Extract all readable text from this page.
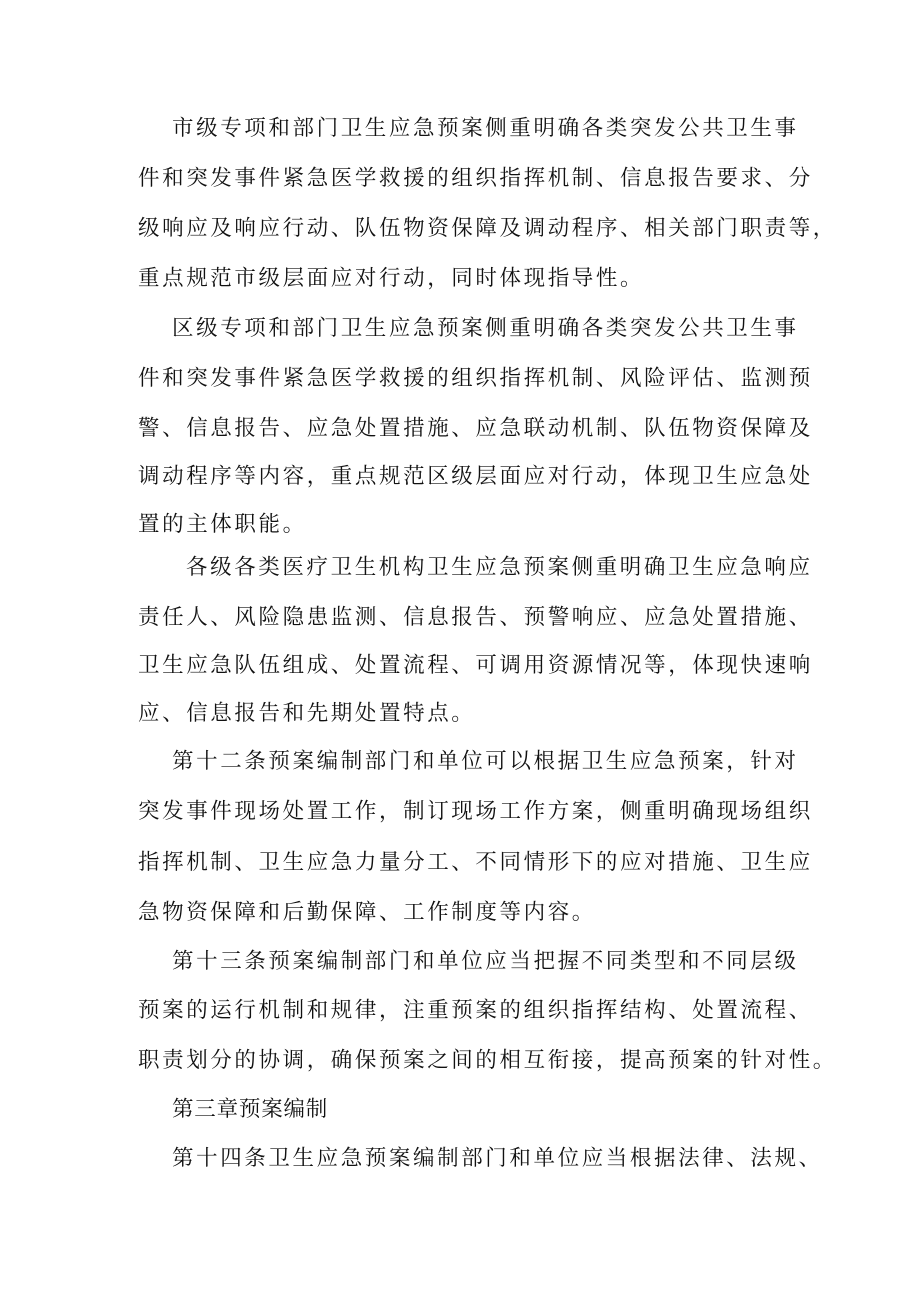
市级专项和部门卫生应急预案侧重明确各类突发公共卫生事
件和突发事件紧急医学救援的组织指挥机制、信息报告要求、分
级响应及响应行动、队伍物资保障及调动程序、相关部门职责等，
重点规范市级层面应对行动，同时体现指导性。
区级专项和部门卫生应急预案侧重明确各类突发公共卫生事
件和突发事件紧急医学救援的组织指挥机制、风险评估、监测预
警、信息报告、应急处置措施、应急联动机制、队伍物资保障及
调动程序等内容，重点规范区级层面应对行动，体现卫生应急处
置的主体职能。
各级各类医疗卫生机构卫生应急预案侧重明确卫生应急响应
责任人、风险隐患监测、信息报告、预警响应、应急处置措施、
卫生应急队伍组成、处置流程、可调用资源情况等，体现快速响
应、信息报告和先期处置特点。
第十二条预案编制部门和单位可以根据卫生应急预案，针对
突发事件现场处置工作，制订现场工作方案，侧重明确现场组织
指挥机制、卫生应急力量分工、不同情形下的应对措施、卫生应
急物资保障和后勤保障、工作制度等内容。
第十三条预案编制部门和单位应当把握不同类型和不同层级
预案的运行机制和规律，注重预案的组织指挥结构、处置流程、
职责划分的协调，确保预案之间的相互衔接，提高预案的针对性。
第三章预案编制
第十四条卫生应急预案编制部门和单位应当根据法律、法规、
